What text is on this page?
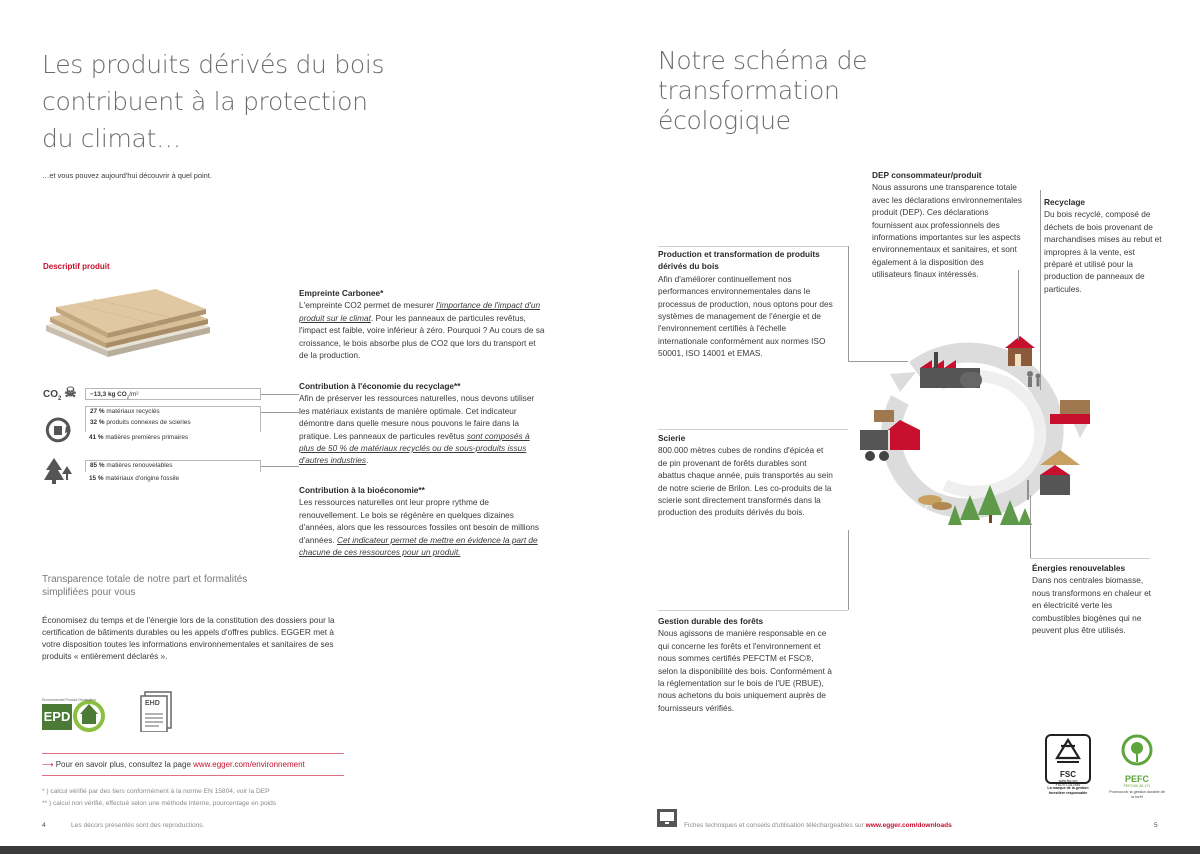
Les produits dérivés du bois
contribuent à la protection
du climat…
…et vous pouvez aujourd'hui découvrir à quel point.
Descriptif produit
$CO_2$ ☠	−13,3 kg $CO_2/m^2$
27 % matériaux recyclés
32 % produits connexes de scieries
41 % matières premières primaires
85 % matières renouvelables
15 % matériaux d'origine fossile
Empreinte Carbonee*
L'empreinte CO2 permet de mesurer l'importance de l'impact d'un produit sur le climat. Pour les panneaux de particules revêtus, l'impact est faible, voire inférieur à zéro. Pourquoi ? Au cours de sa croissance, le bois absorbe plus de CO2 que lors du transport et de la production.
Contribution à l'économie du recyclage**
Afin de préserver les ressources naturelles, nous devons utiliser les matériaux existants de manière optimale. Cet indicateur démontre dans quelle mesure nous pouvons le faire dans la pratique. Les panneaux de particules revêtus sont composés à plus de 50 % de matériaux recyclés ou de sous-produits issus d'autres industries.
Contribution à la bioéconomie**
Les ressources naturelles ont leur propre rythme de renouvellement. Le bois se régénère en quelques dizaines d'années, alors que les ressources fossiles ont besoin de millions d'années. Cet indicateur permet de mettre en évidence la part de chacune de ces ressources pour un produit.
Transparence totale de notre part et formalités simplifiées pour vous
Économisez du temps et de l'énergie lors de la constitution des dossiers pour la certification de bâtiments durables ou les appels d'offres publics. EGGER met à votre disposition toutes les informations environnementales et sanitaires de ses produits « entièrement déclarés ».
EPD
Environmental Product Declaration	EHD
⟶ Pour en savoir plus, consultez la page www.egger.com/environnement
* ) calcul vérifié par des tiers conformément à la norme EN 15804, voir la DEP
** ) calcul non vérifié, effectué selon une méthode interne, pourcentage en poids
4	Les décors présentés sont des reproductions.
Notre schéma de transformation
écologique
DEP consommateur/produit
Nous assurons une transparence totale avec les déclarations environnementales produit (DEP). Ces déclarations fournissent aux professionnels des informations importantes sur les aspects environnementaux et sanitaires, et sont également à la disposition des utilisateurs finaux intéressés.
Recyclage
Du bois recyclé, composé de déchets de bois provenant de marchandises mises au rebut et impropres à la vente, est préparé et utilisé pour la production de panneaux de particules.
Production et transformation de produits dérivés du bois
Afin d'améliorer continuellement nos performances environnementales dans le processus de production, nous optons pour des systèmes de management de l'énergie et de l'environnement certifiés à l'échelle internationale conformément aux normes ISO 50001, ISO 14001 et EMAS.
Scierie
800.000 mètres cubes de rondins d'épicéa et de pin provenant de forêts durables sont abattus chaque année, puis transportés au sein de notre scierie de Brilon. Les co-produits de la scierie sont directement transformés dans la production des produits dérivés du bois.
Énergies renouvelables
Dans nos centrales biomasse, nous transformons en chaleur et en électricité verte les combustibles biogènes qui ne peuvent plus être utilisés.
Gestion durable des forêts
Nous agissons de manière responsable en ce qui concerne les forêts et l'environnement et nous sommes certifiés PEFCTM et FSC®, selon la disponibilité des bois. Conformément à la réglementation sur le bois de l'UE (RBUE), nous achetons du bois uniquement auprès de fournisseurs vérifiés.
FSC
www.fsc.org
FSC® C017845
La marque de la gestion forestière responsable
PEFC
PEFC/06-38-171
Promouvoir la gestion durable de la forêt
Fiches techniques et conseils d'utilisation téléchargeables sur www.egger.com/downloads	5
